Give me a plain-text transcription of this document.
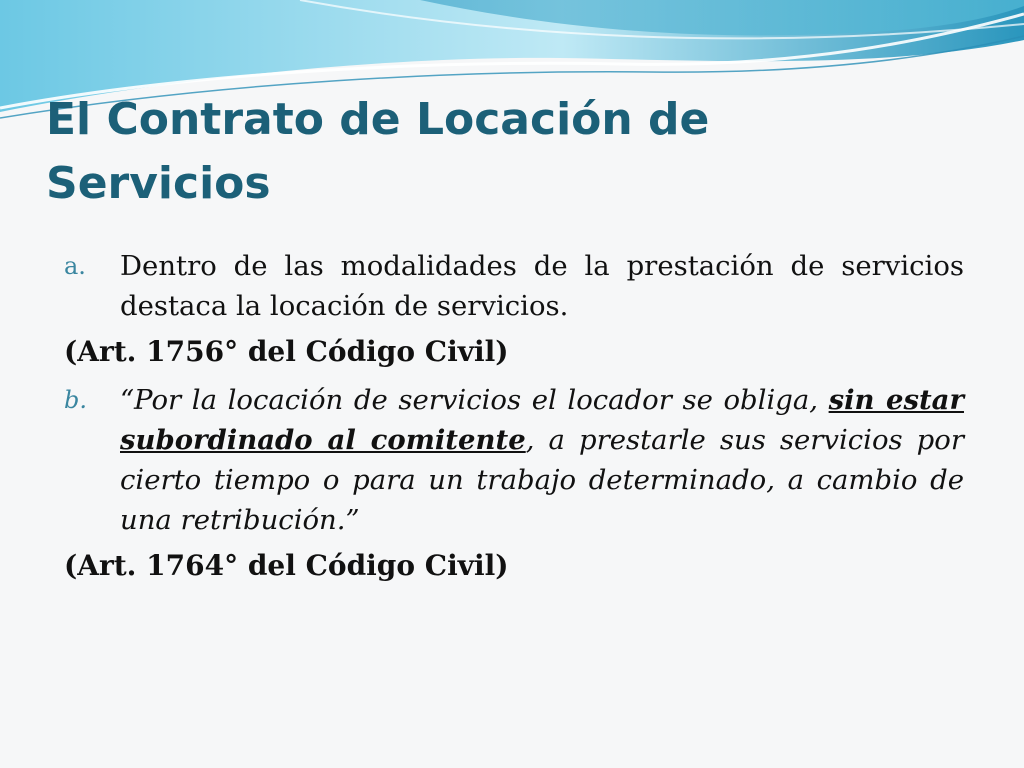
El Contrato de Locación de
Servicios
a. Dentro de las modalidades de la prestación de servicios destaca la locación de servicios.

(Art. 1756° del Código Civil)

b. “Por la locación de servicios el locador se obliga, sin estar subordinado al comitente, a prestarle sus servicios por cierto tiempo o para un trabajo determinado, a cambio de una retribución.”

(Art. 1764° del Código Civil)
